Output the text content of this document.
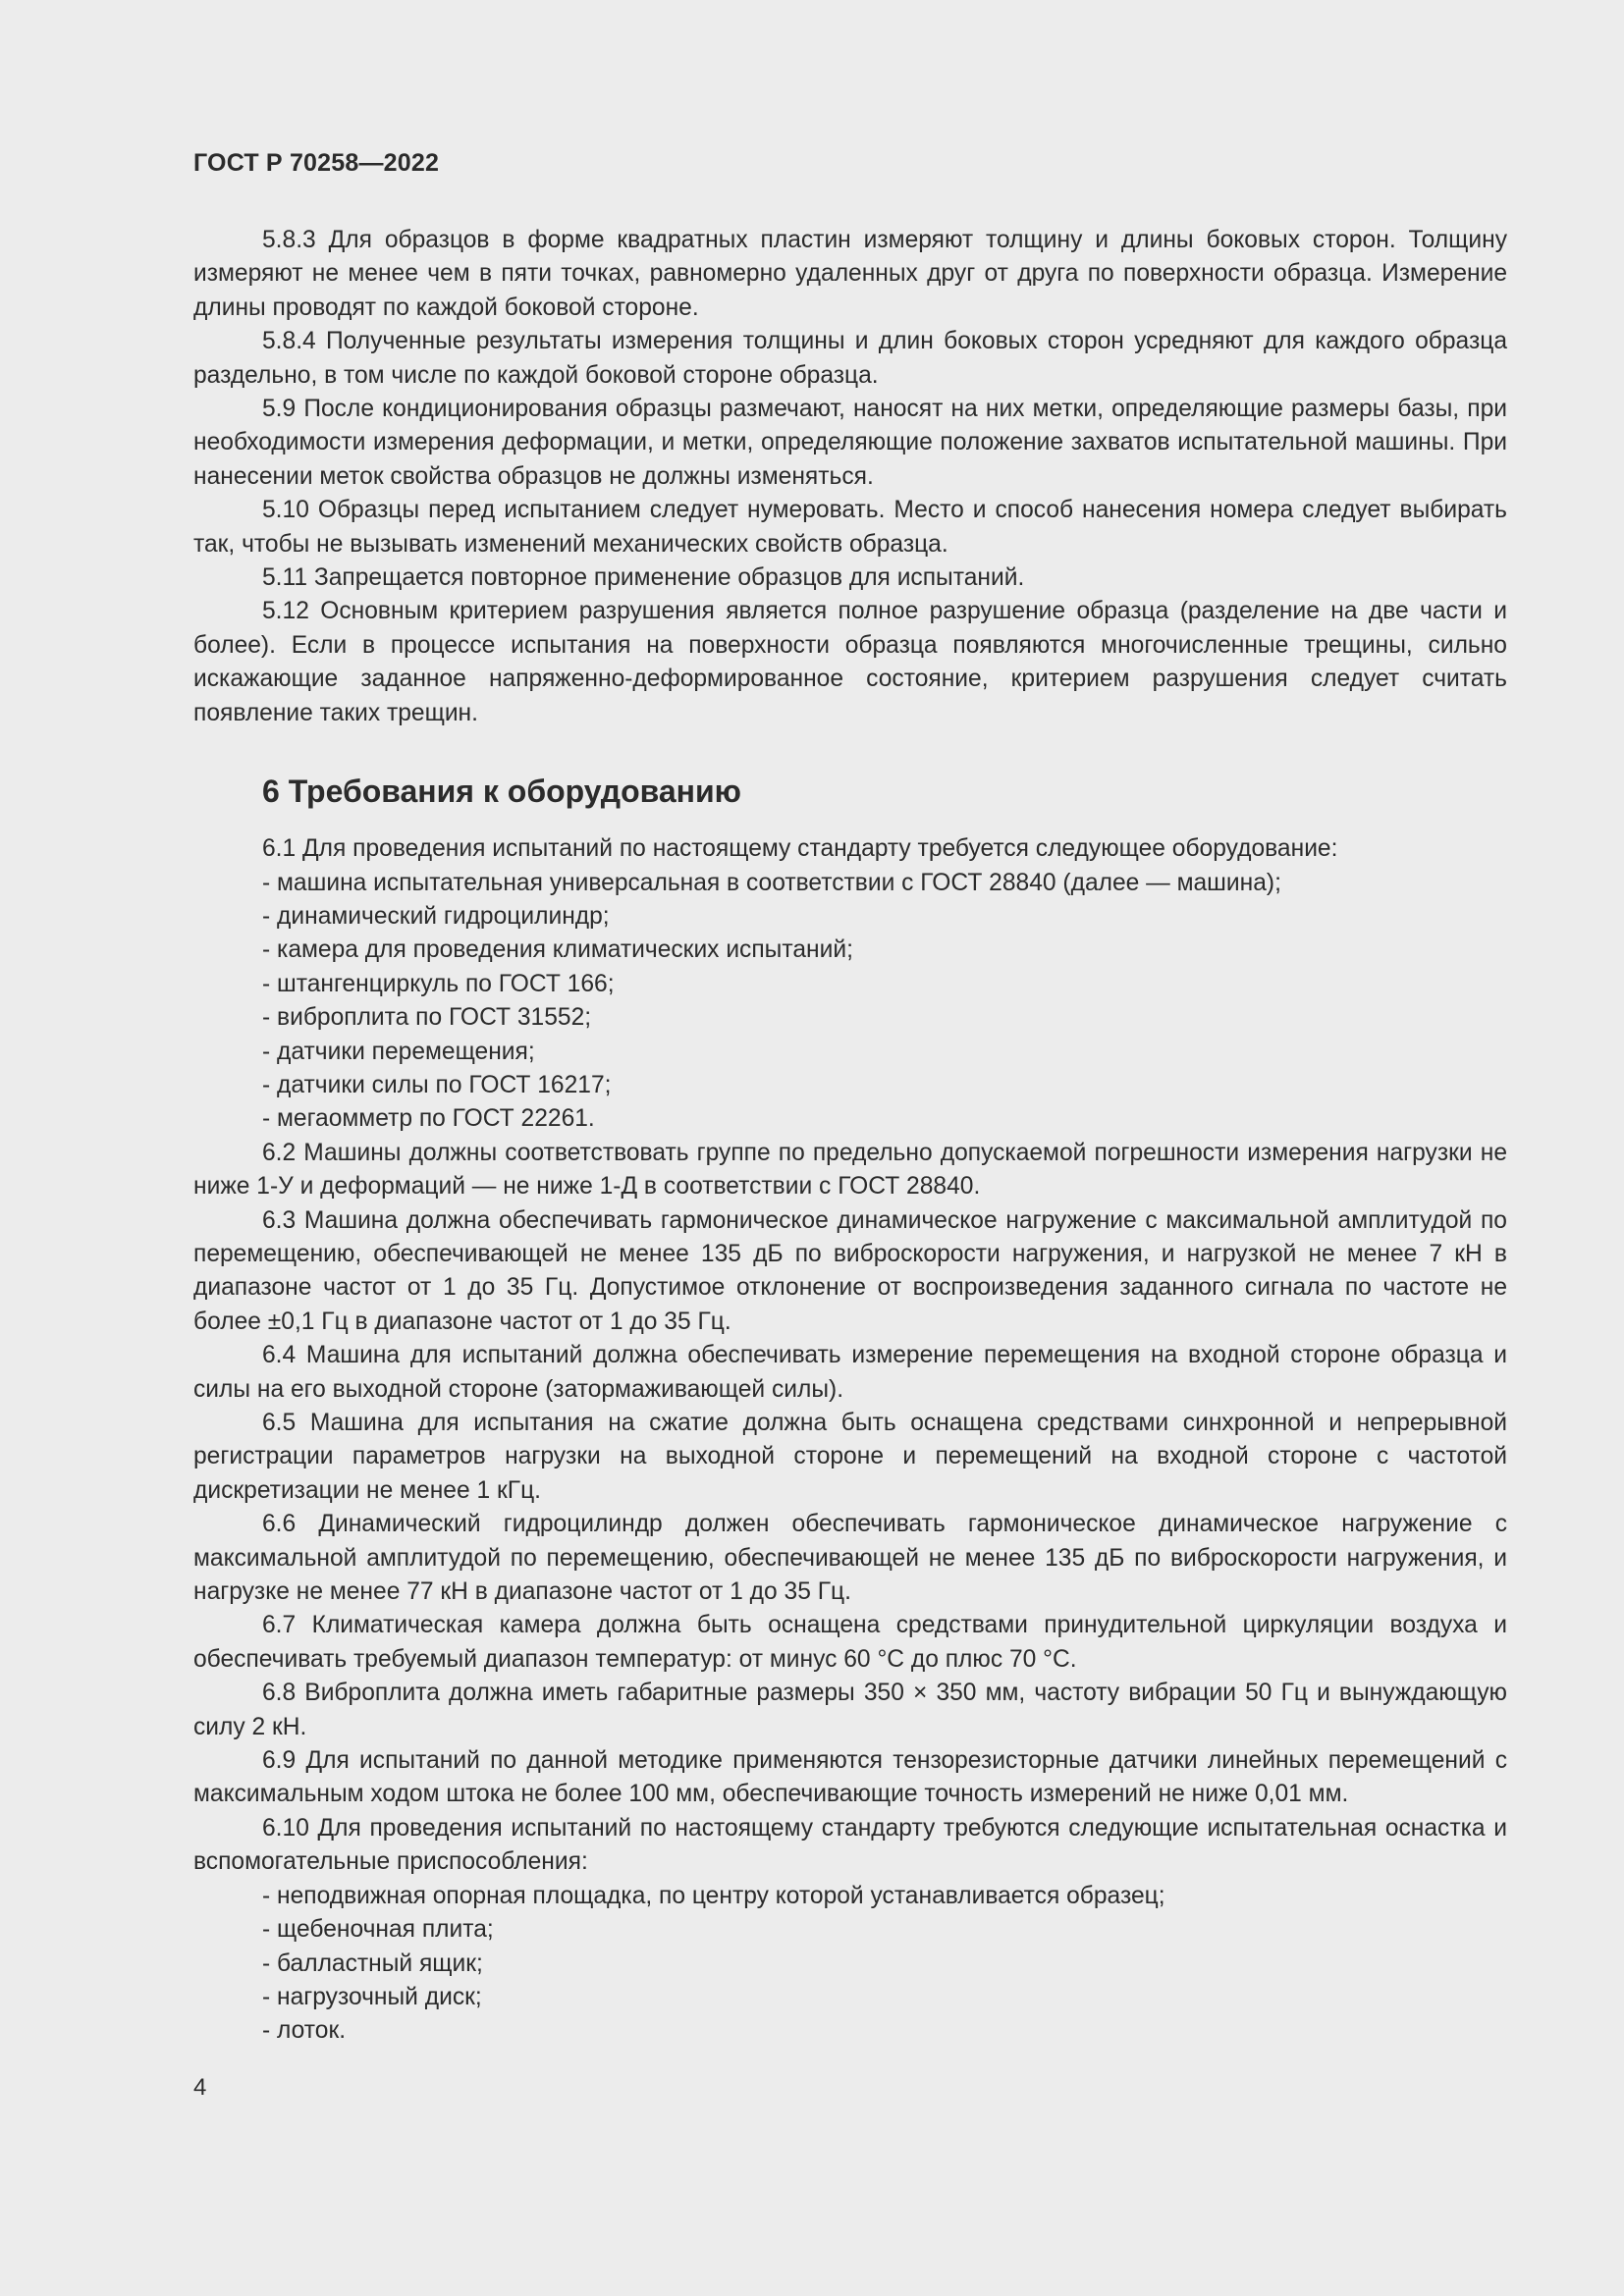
ГОСТ Р 70258—2022

5.8.3 Для образцов в форме квадратных пластин измеряют толщину и длины боковых сторон. Толщину измеряют не менее чем в пяти точках, равномерно удаленных друг от друга по поверхности образца. Измерение длины проводят по каждой боковой стороне.

5.8.4 Полученные результаты измерения толщины и длин боковых сторон усредняют для каждого образца раздельно, в том числе по каждой боковой стороне образца.

5.9 После кондиционирования образцы размечают, наносят на них метки, определяющие размеры базы, при необходимости измерения деформации, и метки, определяющие положение захватов испытательной машины. При нанесении меток свойства образцов не должны изменяться.

5.10 Образцы перед испытанием следует нумеровать. Место и способ нанесения номера следует выбирать так, чтобы не вызывать изменений механических свойств образца.

5.11 Запрещается повторное применение образцов для испытаний.

5.12 Основным критерием разрушения является полное разрушение образца (разделение на две части и более). Если в процессе испытания на поверхности образца появляются многочисленные трещины, сильно искажающие заданное напряженно-деформированное состояние, критерием разрушения следует считать появление таких трещин.

6 Требования к оборудованию

6.1 Для проведения испытаний по настоящему стандарту требуется следующее оборудование:

- машина испытательная универсальная в соответствии с ГОСТ 28840 (далее — машина);

- динамический гидроцилиндр;

- камера для проведения климатических испытаний;

- штангенциркуль по ГОСТ 166;

- виброплита по ГОСТ 31552;

- датчики перемещения;

- датчики силы по ГОСТ 16217;

- мегаомметр по ГОСТ 22261.

6.2 Машины должны соответствовать группе по предельно допускаемой погрешности измерения нагрузки не ниже 1-У и деформаций — не ниже 1-Д в соответствии с ГОСТ 28840.

6.3 Машина должна обеспечивать гармоническое динамическое нагружение с максимальной амплитудой по перемещению, обеспечивающей не менее 135 дБ по виброскорости нагружения, и нагрузкой не менее 7 кН в диапазоне частот от 1 до 35 Гц. Допустимое отклонение от воспроизведения заданного сигнала по частоте не более ±0,1 Гц в диапазоне частот от 1 до 35 Гц.

6.4 Машина для испытаний должна обеспечивать измерение перемещения на входной стороне образца и силы на его выходной стороне (затормаживающей силы).

6.5 Машина для испытания на сжатие должна быть оснащена средствами синхронной и непрерывной регистрации параметров нагрузки на выходной стороне и перемещений на входной стороне с частотой дискретизации не менее 1 кГц.

6.6 Динамический гидроцилиндр должен обеспечивать гармоническое динамическое нагружение с максимальной амплитудой по перемещению, обеспечивающей не менее 135 дБ по виброскорости нагружения, и нагрузке не менее 77 кН в диапазоне частот от 1 до 35 Гц.

6.7 Климатическая камера должна быть оснащена средствами принудительной циркуляции воздуха и обеспечивать требуемый диапазон температур: от минус 60 °С до плюс 70 °С.

6.8 Виброплита должна иметь габаритные размеры 350 × 350 мм, частоту вибрации 50 Гц и вынуждающую силу 2 кН.

6.9 Для испытаний по данной методике применяются тензорезисторные датчики линейных перемещений с максимальным ходом штока не более 100 мм, обеспечивающие точность измерений не ниже 0,01 мм.

6.10 Для проведения испытаний по настоящему стандарту требуются следующие испытательная оснастка и вспомогательные приспособления:

- неподвижная опорная площадка, по центру которой устанавливается образец;

- щебеночная плита;

- балластный ящик;

- нагрузочный диск;

- лоток.

4
